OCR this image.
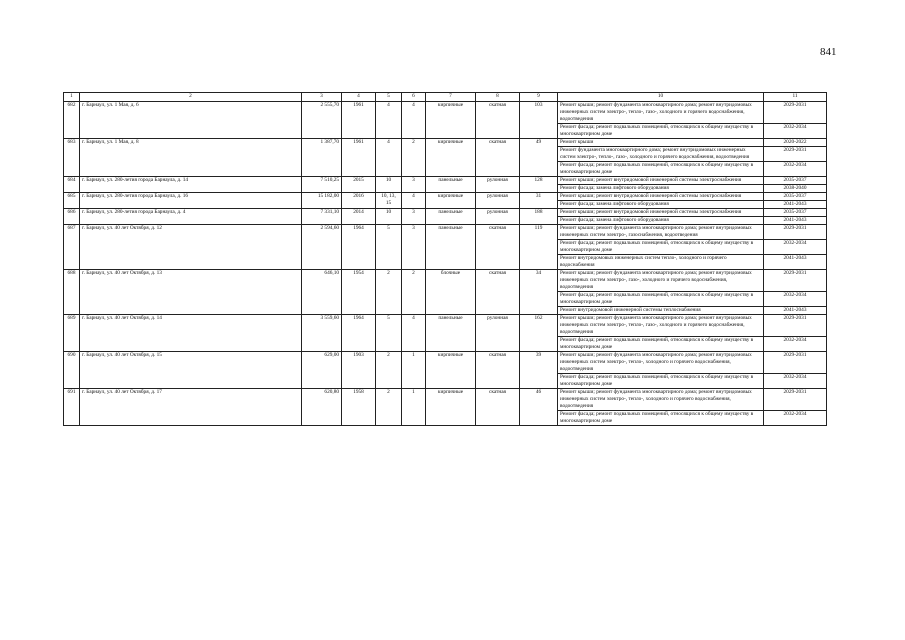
841
1	2	3	4	5	6	7	8	9	10	11
682	г. Барнаул, ул. 1 Мая, д. 6	2 555,70	1961	4	4	кирпичные	скатная	103	Ремонт крыши; ремонт фундамента многоквартирного дома; ремонт внутридомовых инженерных систем электро-, тепло-, газо-, холодного и горячего водоснабжения, водоотведения	2029-2031
									Ремонт фасада; ремонт подвальных помещений, относящихся к общему имуществу в многоквартирном доме	2032-2034
683	г. Барнаул, ул. 1 Мая, д. 8	1 387,70	1961	4	2	кирпичные	скатная	49	Ремонт крыши	2020-2022
									Ремонт фундамента многоквартирного дома; ремонт внутридомовых инженерных систем электро-, тепло-, газо-, холодного и горячего водоснабжения, водоотведения	2029-2031
									Ремонт фасада; ремонт подвальных помещений, относящихся к общему имуществу в многоквартирном доме	2032-2034
684	г. Барнаул, ул. 280-летия города Барнаула, д. 14	7 510,25	2015	10	3	панельные	рулонная	128	Ремонт крыши; ремонт внутридомовой инженерной системы электроснабжения	2035-2037
									Ремонт фасада; замена лифтового оборудования	2038-2040
685	г. Барнаул, ул. 280-летия города Барнаула, д. 16	15 182,00	2016	10, 13, 15	4	кирпичные	рулонная	31	Ремонт крыши; ремонт внутридомовой инженерной системы электроснабжения	2035-2037
									Ремонт фасада; замена лифтового оборудования	2041-2043
686	г. Барнаул, ул. 280-летия города Барнаула, д. 4	7 331,10	2014	10	3	панельные	рулонная	188	Ремонт крыши; ремонт внутридомовой инженерной системы электроснабжения	2035-2037
									Ремонт фасада; замена лифтового оборудования	2041-2043
687	г. Барнаул, ул. 40 лет Октября, д. 12	2 594,60	1964	5	3	панельные	скатная	119	Ремонт крыши; ремонт фундамента многоквартирного дома; ремонт внутридомовых инженерных систем электро-, газоснабжения, водоотведения	2029-2031
									Ремонт фасада; ремонт подвальных помещений, относящихся к общему имуществу в многоквартирном доме	2032-2034
									Ремонт внутридомовых инженерных систем тепло-, холодного и горячего водоснабжения	2041-2043
688	г. Барнаул, ул. 40 лет Октября, д. 13	646,10	1954	2	2	блочные	скатная	34	Ремонт крыши; ремонт фундамента многоквартирного дома; ремонт внутридомовых инженерных систем электро-, газо-, холодного и горячего водоснабжения, водоотведения	2029-2031
									Ремонт фасада; ремонт подвальных помещений, относящихся к общему имуществу в многоквартирном доме	2032-2034
									Ремонт внутридомовой инженерной системы теплоснабжения	2041-2043
689	г. Барнаул, ул. 40 лет Октября, д. 14	3 559,60	1964	5	4	панельные	рулонная	162	Ремонт крыши; ремонт фундамента многоквартирного дома; ремонт внутридомовых инженерных систем электро-, тепло-, газо-, холодного и горячего водоснабжения, водоотведения	2029-2031
									Ремонт фасада; ремонт подвальных помещений, относящихся к общему имуществу в многоквартирном доме	2032-2034
690	г. Барнаул, ул. 40 лет Октября, д. 15	629,00	1903	2	1	кирпичные	скатная	39	Ремонт крыши; ремонт фундамента многоквартирного дома; ремонт внутридомовых инженерных систем электро-, тепло-, холодного и горячего водоснабжения, водоотведения	2029-2031
									Ремонт фасада; ремонт подвальных помещений, относящихся к общему имуществу в многоквартирном доме	2032-2034
691	г. Барнаул, ул. 40 лет Октября, д. 17	620,80	1958	2	1	кирпичные	скатная	46	Ремонт крыши; ремонт фундамента многоквартирного дома; ремонт внутридомовых инженерных систем электро-, тепло-, холодного и горячего водоснабжения, водоотведения	2029-2031
									Ремонт фасада; ремонт подвальных помещений, относящихся к общему имуществу в многоквартирном доме	2032-2034
